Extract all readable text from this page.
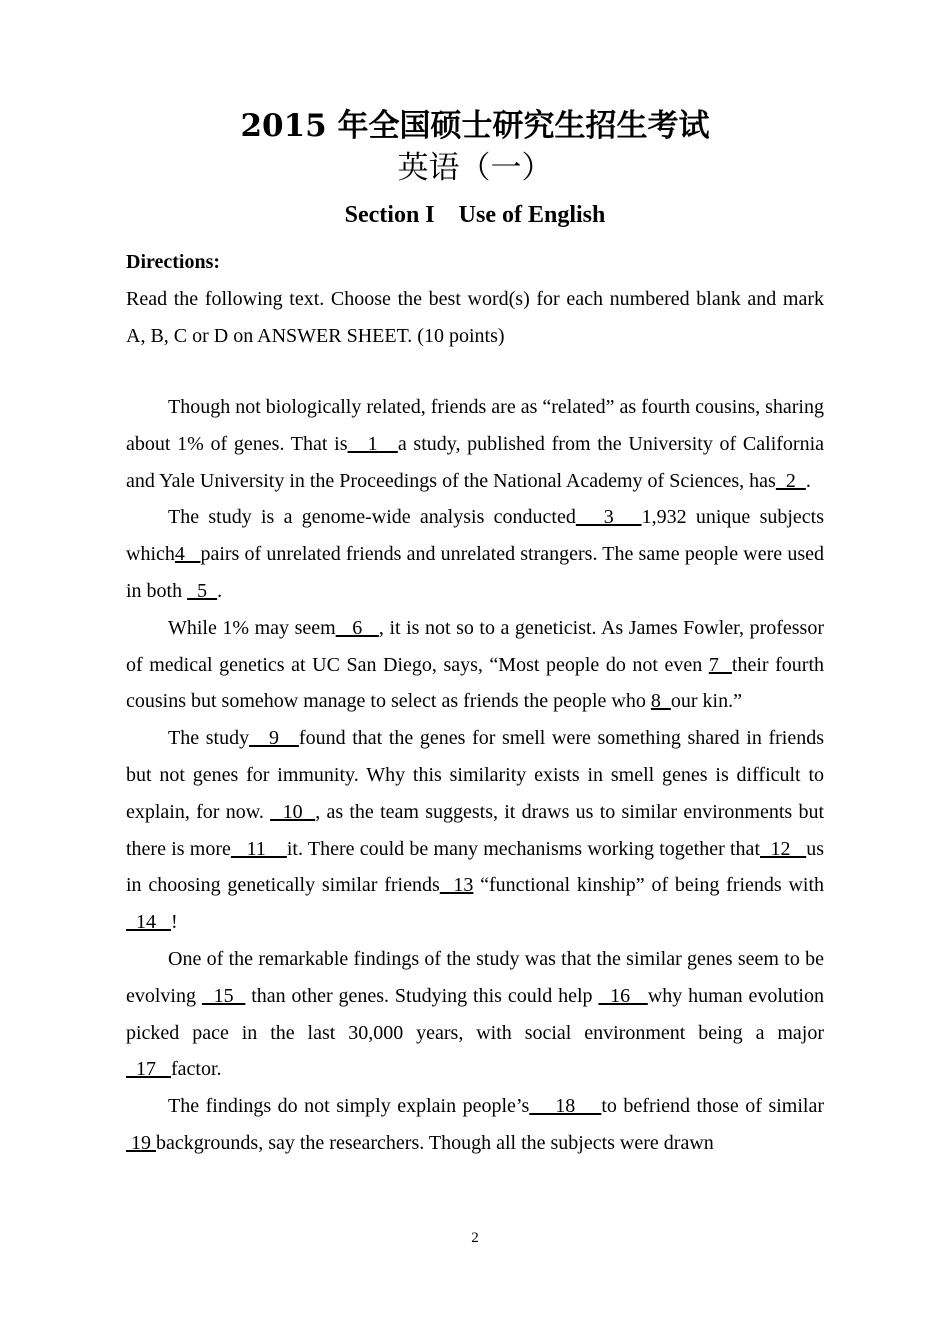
2015 年全国硕士研究生招生考试
英语（一）
Section I Use of English
Directions:
Read the following text. Choose the best word(s) for each numbered blank and mark A, B, C or D on ANSWER SHEET. (10 points)

Though not biologically related, friends are as “related” as fourth cousins, sharing about 1% of genes. That is   1   a study, published from the University of California and Yale University in the Proceedings of the National Academy of Sciences, has  2  .

The study is a genome-wide analysis conducted   3   1,932 unique subjects which4   pairs of unrelated friends and unrelated strangers. The same people were used in both   5  .

While 1% may seem   6   , it is not so to a geneticist. As James Fowler, professor of medical genetics at UC San Diego, says, “Most people do not even 7  their fourth cousins but somehow manage to select as friends the people who 8  our kin.”

The study   9   found that the genes for smell were something shared in friends but not genes for immunity. Why this similarity exists in smell genes is difficult to explain, for now.   10  , as the team suggests, it draws us to similar environments but there is more   11    it. There could be many mechanisms working together that  12   us in choosing genetically similar friends  13 “functional kinship” of being friends with   14   !

One of the remarkable findings of the study was that the similar genes seem to be evolving   15   than other genes. Studying this could help   16   why human evolution picked pace in the last 30,000 years, with social environment being a major   17   factor.

The findings do not simply explain people’s    18    to befriend those of similar 19 backgrounds, say the researchers. Though all the subjects were drawn

2
